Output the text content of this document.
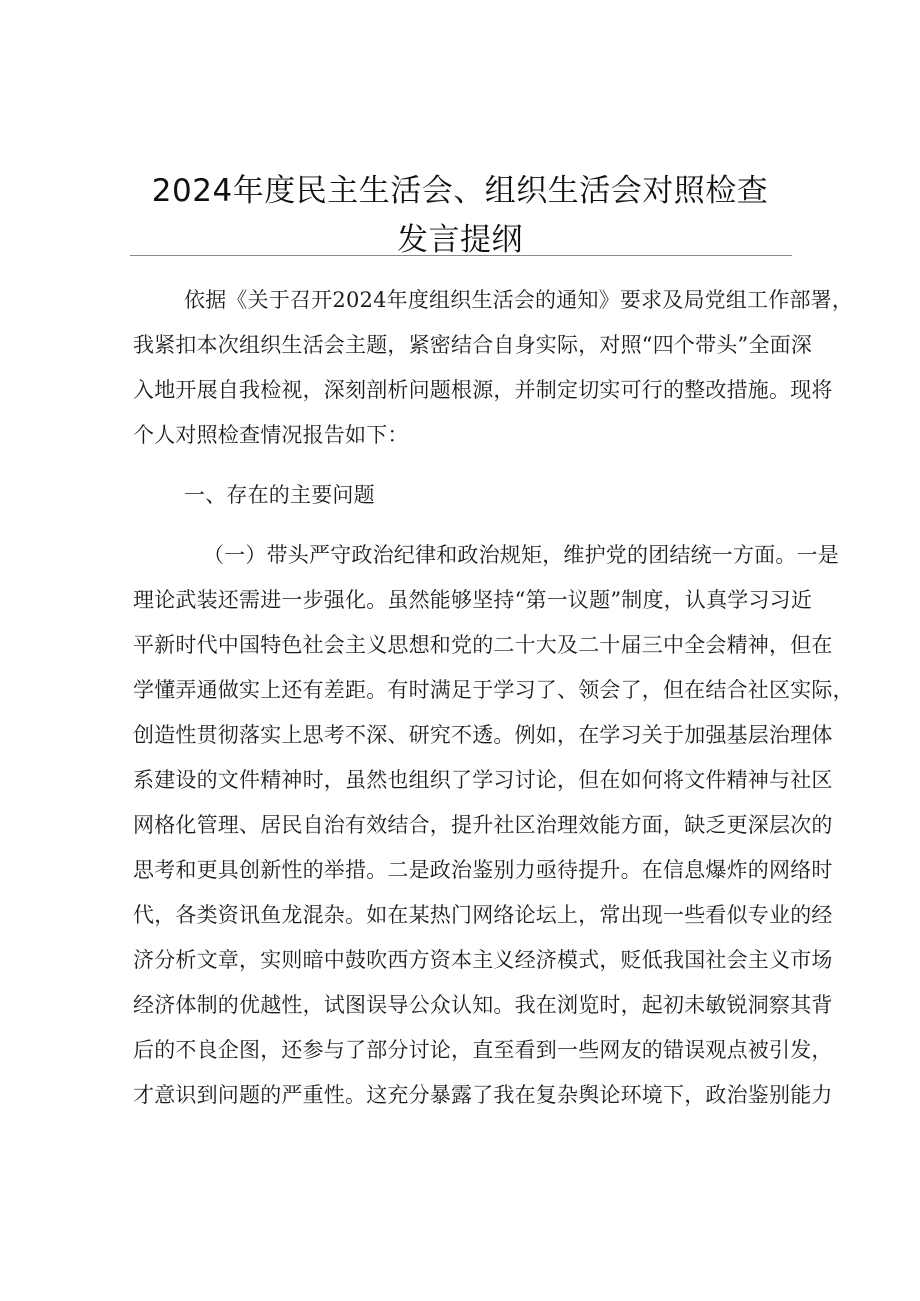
2024年度民主生活会、组织生活会对照检查
发言提纲
依据《关于召开2024年度组织生活会的通知》要求及局党组工作部署，
我紧扣本次组织生活会主题，紧密结合自身实际，对照“四个带头”全面深
入地开展自我检视，深刻剖析问题根源，并制定切实可行的整改措施。现将
个人对照检查情况报告如下：
一、存在的主要问题
（一）带头严守政治纪律和政治规矩，维护党的团结统一方面。一是
理论武装还需进一步强化。虽然能够坚持“第一议题”制度，认真学习习近
平新时代中国特色社会主义思想和党的二十大及二十届三中全会精神，但在
学懂弄通做实上还有差距。有时满足于学习了、领会了，但在结合社区实际，
创造性贯彻落实上思考不深、研究不透。例如，在学习关于加强基层治理体
系建设的文件精神时，虽然也组织了学习讨论，但在如何将文件精神与社区
网格化管理、居民自治有效结合，提升社区治理效能方面，缺乏更深层次的
思考和更具创新性的举措。二是政治鉴别力亟待提升。在信息爆炸的网络时
代，各类资讯鱼龙混杂。如在某热门网络论坛上，常出现一些看似专业的经
济分析文章，实则暗中鼓吹西方资本主义经济模式，贬低我国社会主义市场
经济体制的优越性，试图误导公众认知。我在浏览时，起初未敏锐洞察其背
后的不良企图，还参与了部分讨论，直至看到一些网友的错误观点被引发，
才意识到问题的严重性。这充分暴露了我在复杂舆论环境下，政治鉴别能力
